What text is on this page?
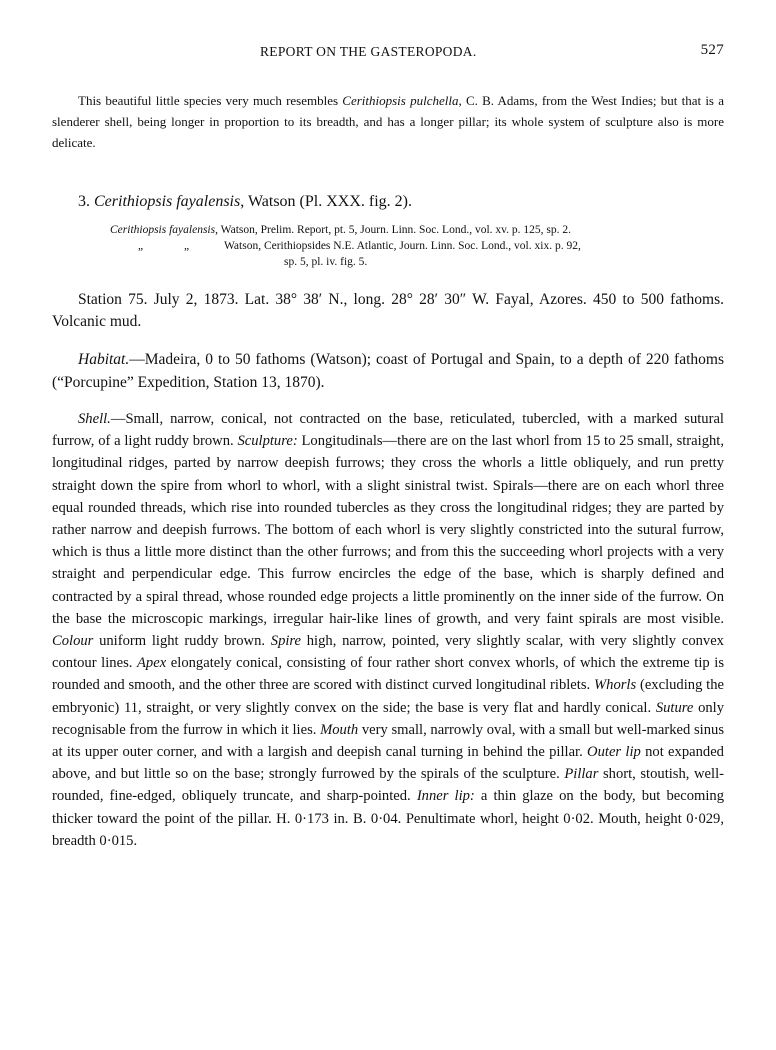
REPORT ON THE GASTEROPODA.	527
This beautiful little species very much resembles Cerithiopsis pulchella, C. B. Adams, from the West Indies; but that is a slenderer shell, being longer in proportion to its breadth, and has a longer pillar; its whole system of sculpture also is more delicate.
3. Cerithiopsis fayalensis, Watson (Pl. XXX. fig. 2).
Cerithiopsis fayalensis, Watson, Prelim. Report, pt. 5, Journ. Linn. Soc. Lond., vol. xv. p. 125, sp. 2.
„	„	Watson, Cerithiopsides N.E. Atlantic, Journ. Linn. Soc. Lond., vol. xix. p. 92,
sp. 5, pl. iv. fig. 5.
Station 75. July 2, 1873. Lat. 38° 38′ N., long. 28° 28′ 30″ W. Fayal, Azores. 450 to 500 fathoms. Volcanic mud.
Habitat.—Madeira, 0 to 50 fathoms (Watson); coast of Portugal and Spain, to a depth of 220 fathoms (“Porcupine” Expedition, Station 13, 1870).
Shell.—Small, narrow, conical, not contracted on the base, reticulated, tubercled, with a marked sutural furrow, of a light ruddy brown. Sculpture: Longitudinals—there are on the last whorl from 15 to 25 small, straight, longitudinal ridges, parted by narrow deepish furrows; they cross the whorls a little obliquely, and run pretty straight down the spire from whorl to whorl, with a slight sinistral twist. Spirals—there are on each whorl three equal rounded threads, which rise into rounded tubercles as they cross the longitudinal ridges; they are parted by rather narrow and deepish furrows. The bottom of each whorl is very slightly constricted into the sutural furrow, which is thus a little more distinct than the other furrows; and from this the succeeding whorl projects with a very straight and perpendicular edge. This furrow encircles the edge of the base, which is sharply defined and contracted by a spiral thread, whose rounded edge projects a little prominently on the inner side of the furrow. On the base the microscopic markings, irregular hair-like lines of growth, and very faint spirals are most visible. Colour uniform light ruddy brown. Spire high, narrow, pointed, very slightly scalar, with very slightly convex contour lines. Apex elongately conical, consisting of four rather short convex whorls, of which the extreme tip is rounded and smooth, and the other three are scored with distinct curved longitudinal riblets. Whorls (excluding the embryonic) 11, straight, or very slightly convex on the side; the base is very flat and hardly conical. Suture only recognisable from the furrow in which it lies. Mouth very small, narrowly oval, with a small but well-marked sinus at its upper outer corner, and with a largish and deepish canal turning in behind the pillar. Outer lip not expanded above, and but little so on the base; strongly furrowed by the spirals of the sculpture. Pillar short, stoutish, well-rounded, fine-edged, obliquely truncate, and sharp-pointed. Inner lip: a thin glaze on the body, but becoming thicker toward the point of the pillar. H. 0·173 in. B. 0·04. Penultimate whorl, height 0·02. Mouth, height 0·029, breadth 0·015.
